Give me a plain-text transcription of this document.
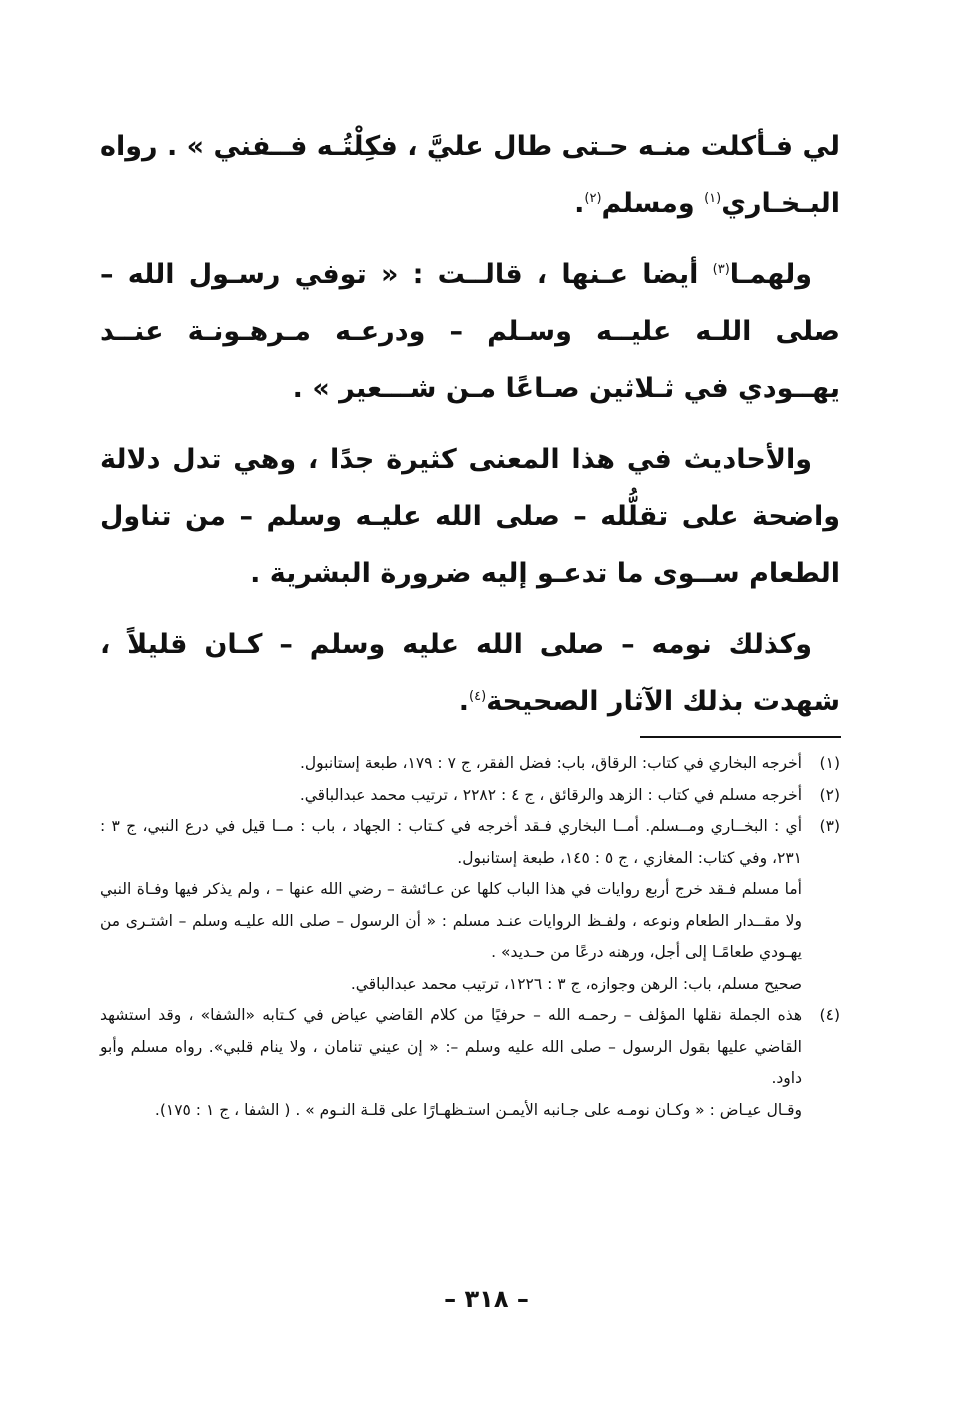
لي فـأكلت منـه حـتى طال عليَّ ، فكِلْتُـه فــفني » . رواه البـخـاري$^{(١)}$ ومسلم$^{(٢)}$.

ولهمـا$^{(٣)}$ أيضا عـنها ، قالــت : « توفي رسـول الله – صلى اللـه عليــه وسـلم – ودرعـه مـرهـونـة عنــد يهــودي في ثـلاثين صـاعًا مـن شـــعير » .

والأحاديث في هذا المعنى كثيرة جدًا ، وهي تدل دلالة واضحة على تقلُّله – صلى الله عليـه وسلم – من تناول الطعام ســوى ما تدعـو إليه ضرورة البشرية .

وكذلك نومه – صلى الله عليه وسلم – كـان قليلاً ، شهدت بذلك الآثار الصحيحة$^{(٤)}$.

(١)
أخرجه البخاري في كتاب: الرقاق، باب: فضل الفقر، ج ٧ : ١٧٩، طبعة إستانبول.
(٢)
أخرجه مسلم في كتاب : الزهد والرقائق ، ج ٤ : ٢٢٨٢ ، ترتيب محمد عبدالباقي.
(٣)
أي : البخــاري ومــسلم. أمــا البخاري فـقد أخرجه في كـتاب : الجهاد ، باب : مــا قيل في درع النبي، ج ٣ : ٢٣١، وفي كتاب: المغازي ، ج ٥ : ١٤٥، طبعة إستانبول.
أما مسلم فـقد خرج أربع روايات في هذا الباب كلها عن عـائشة – رضي الله عنها – ، ولم يذكر فيها وفـاة النبي ولا مقــدار الطعام ونوعه ، ولفـظ الروايات عنـد مسلم : « أن الرسول – صلى الله عليـه وسلم – اشتـرى من يهـودي طعامًـا إلى أجل، ورهنه درعًا من حـديد» .
صحيح مسلم، باب: الرهن وجوازه، ج ٣ : ١٢٢٦، ترتيب محمد عبدالباقي.
(٤)
هذه الجملة نقلها المؤلف – رحمـه الله – حرفيًا من كلام القاضي عياض في كـتابه «الشفا» ، وقد استشهد القاضي عليها بقول الرسول – صلى الله عليه وسلم –: « إن عيني تنامان ، ولا ينام قلبي». رواه مسلم وأبو داود.
وقـال عيـاض : « وكـان نومـه على جـانبه الأيمـن استـظهـارًا على قلـة النـوم » . ( الشفا ، ج ١ : ١٧٥).
– ٣١٨ –
